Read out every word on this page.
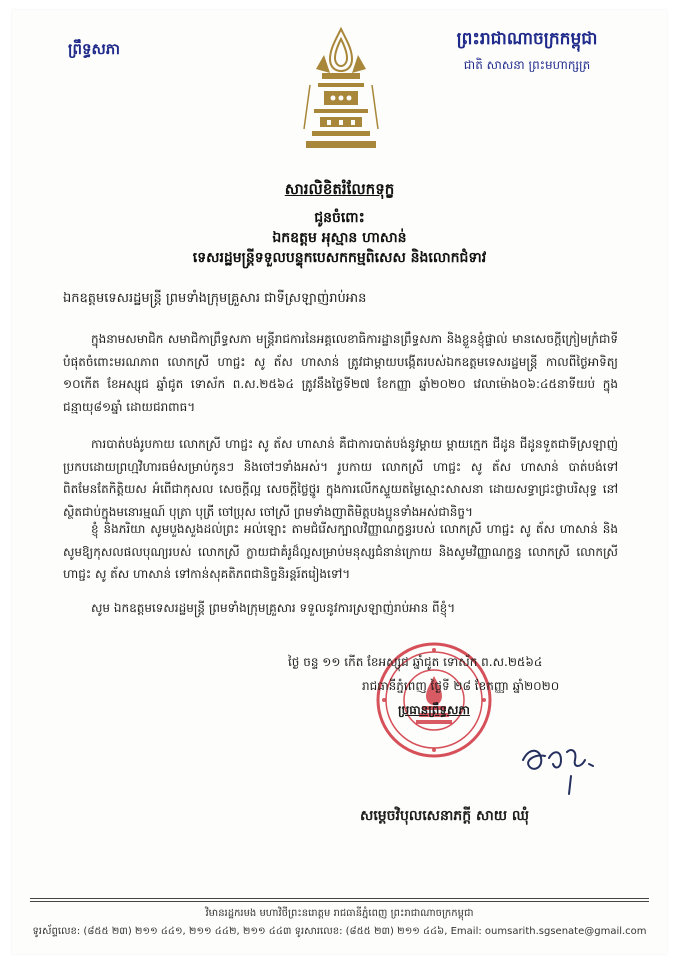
ព្រឹទ្ធសភា	ព្រះរាជាណាចក្រកម្ពុជា
ជាតិ សាសនា ព្រះមហាក្សត្រ
សារលិខិតរំលែកទុក្ខ
ជូនចំពោះ
ឯកឧត្តម អុស្មាន ហាសាន់
ទេសរដ្ឋមន្ត្រីទទួលបន្ទុកបេសកកម្មពិសេស និងលោកជំទាវ
ឯកឧត្តមទេសរដ្ឋមន្ត្រី ព្រមទាំងក្រុមគ្រួសារ ជាទីស្រឡាញ់រាប់អាន

ក្នុងនាមសមាជិក សមាជិកាព្រឹទ្ធសភា មន្ត្រីរាជការនៃអគ្គលេខាធិការដ្ឋានព្រឹទ្ធសភា និងខ្លួនខ្ញុំផ្ទាល់ មានសេចក្តីក្រៀមក្រំជាទីបំផុតចំពោះមរណភាព លោកស្រី ហាជ្ជះ សូ ត័ស ហាសាន់ ត្រូវជាម្តាយបង្កើតរបស់ឯកឧត្តមទេសរដ្ឋមន្ត្រី កាលពីថ្ងៃអាទិត្យ ១០កើត ខែអស្សុជ ឆ្នាំជូត ទោស័ក ព.ស.២៥៦៤ ត្រូវនឹងថ្ងៃទី២៧ ខែកញ្ញា ឆ្នាំ២០២០ វេលាម៉ោង០៦:៤៥នាទីយប់ ក្នុងជន្មាយុ៨១ឆ្នាំ ដោយជរាពាធ។

ការបាត់បង់រូបកាយ លោកស្រី ហាជ្ជះ សូ ត័ស ហាសាន់ គឺជាការបាត់បង់នូវម្តាយ ម្តាយក្មេក ជីដូន ជីដូនទួតជាទីស្រឡាញ់ប្រកបដោយព្រហ្មវិហារធម៌សម្រាប់កូនៗ និងចៅៗទាំងអស់។ រូបកាយ លោកស្រី ហាជ្ជះ សូ ត័ស ហាសាន់ បាត់បង់ទៅពិតមែនតែកិត្តិយស អំពើជាកុសល សេចក្តីល្អ សេចក្តីថ្លៃថ្នូរ ក្នុងការលើកស្ទួយតម្លៃស្មោះសាសនា ដោយសទ្ធាជ្រះថ្លាបរិសុទ្ធ នៅស្ថិតជាប់ក្នុងមនោរម្មណ៍ បុត្រា បុត្រី ចៅប្រុស ចៅស្រី ព្រមទាំងញាតិមិត្តបងប្អូនទាំងអស់ជានិច្ច។

ខ្ញុំ និងភរិយា សូមបួងសួងដល់ព្រះ អល់ឡោះ តាមជំរើសក្បាលវិញ្ញាណក្ខន្ធរបស់ លោកស្រី ហាជ្ជះ សូ ត័ស ហាសាន់ និងសូមឱ្យកុសលផលបុណ្យរបស់ លោកស្រី ក្លាយជាគំរូដ៏ល្អសម្រាប់មនុស្សជំនាន់ក្រោយ និងសូមវិញ្ញាណក្ខន្ធ លោកស្រី លោកស្រី ហាជ្ជះ សូ ត័ស ហាសាន់ ទៅកាន់សុគតិភពជានិច្ចនិរន្តរ៍តរៀងទៅ។

សូម ឯកឧត្តមទេសរដ្ឋមន្ត្រី ព្រមទាំងក្រុមគ្រួសារ ទទួលនូវការស្រឡាញ់រាប់អាន ពីខ្ញុំ។

ថ្ងៃ ចន្ទ ១១ កើត ខែអស្សុជ ឆ្នាំជូត ទោស័ក ព.ស.២៥៦៤
រាជធានីភ្នំពេញ ថ្ងៃទី ២៨ ខែកញ្ញា ឆ្នាំ២០២០
ប្រធានព្រឹទ្ធសភា
សម្តេចវិបុលសេនាភក្តី សាយ ឈុំ
វិមានរដ្ឋករមង មហាវិថីព្រះនរោត្តម រាជធានីភ្នំពេញ ព្រះរាជាណាចក្រកម្ពុជា
ទូរស័ព្ទលេខ: (៨៥៥ ២៣) ២១១ ៤៤១, ២១១ ៤៤២, ២១១ ៤៤៣ ទូរសារលេខ: (៨៥៥ ២៣) ២១១ ៤៤៦, Email: oumsarith.sgsenate@gmail.com
